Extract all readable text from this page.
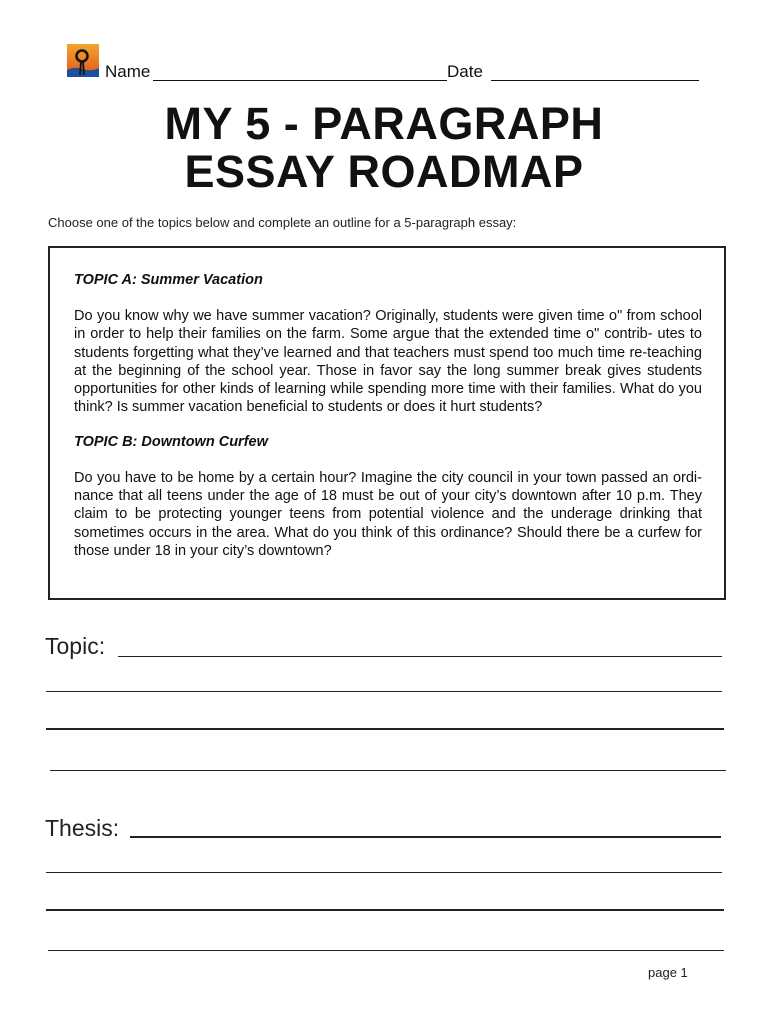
Name	Date
MY 5 - PARAGRAPH
ESSAY ROADMAP
Choose one of the topics below and complete an outline for a 5-paragraph essay:
TOPIC A: Summer Vacation
Do you know why we have summer vacation? Originally, students were given time o" from school in order to help their families on the farm. Some argue that the extended time o" contrib- utes to students forgetting what they’ve learned and that teachers must spend too much time re-teaching at the beginning of the school year. Those in favor say the long summer break gives students opportunities for other kinds of learning while spending more time with their families. What do you think? Is summer vacation beneficial to students or does it hurt students?
TOPIC B: Downtown Curfew
Do you have to be home by a certain hour? Imagine the city council in your town passed an ordi- nance that all teens under the age of 18 must be out of your city’s downtown after 10 p.m. They claim to be protecting younger teens from potential violence and the underage drinking that sometimes occurs in the area. What do you think of this ordinance? Should there be a curfew for those under 18 in your city’s downtown?
Topic:
Thesis:
page 1
